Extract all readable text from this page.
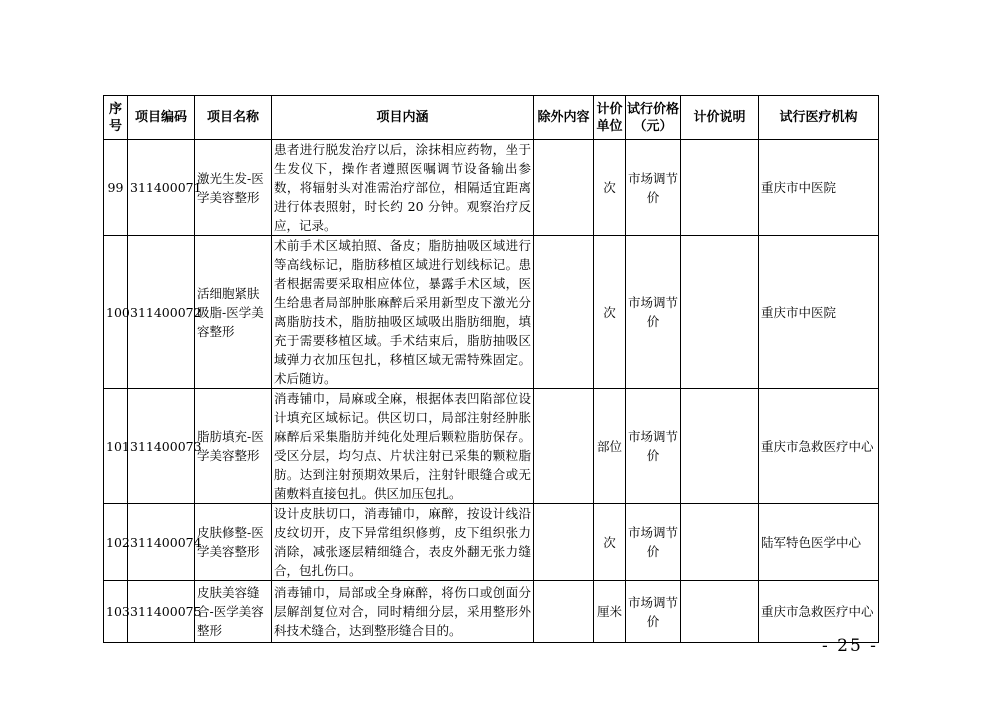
序号	项目编码	项目名称	项目内涵	除外内容	计价单位	试行价格（元）	计价说明	试行医疗机构
99	311400071	激光生发-医学美容整形	患者进行脱发治疗以后，涂抹相应药物，坐于生发仪下，操作者遵照医嘱调节设备输出参数，将辐射头对准需治疗部位，相隔适宜距离进行体表照射，时长约 20 分钟。观察治疗反应，记录。		次	市场调节价		重庆市中医院
100	311400072	活细胞紧肤吸脂-医学美容整形	术前手术区域拍照、备皮；脂肪抽吸区域进行等高线标记，脂肪移植区域进行划线标记。患者根据需要采取相应体位，暴露手术区域，医生给患者局部肿胀麻醉后采用新型皮下激光分离脂肪技术，脂肪抽吸区域吸出脂肪细胞，填充于需要移植区域。手术结束后，脂肪抽吸区域弹力衣加压包扎，移植区域无需特殊固定。术后随访。		次	市场调节价		重庆市中医院
101	311400073	脂肪填充-医学美容整形	消毒铺巾，局麻或全麻，根据体表凹陷部位设计填充区域标记。供区切口，局部注射经肿胀麻醉后采集脂肪并纯化处理后颗粒脂肪保存。受区分层，均匀点、片状注射已采集的颗粒脂肪。达到注射预期效果后，注射针眼缝合或无菌敷料直接包扎。供区加压包扎。		部位	市场调节价		重庆市急救医疗中心
102	311400074	皮肤修整-医学美容整形	设计皮肤切口，消毒铺巾，麻醉，按设计线沿皮纹切开，皮下异常组织修剪，皮下组织张力消除，减张逐层精细缝合，表皮外翻无张力缝合，包扎伤口。		次	市场调节价		陆军特色医学中心
103	311400075	皮肤美容缝合-医学美容整形	消毒铺巾，局部或全身麻醉，将伤口或创面分层解剖复位对合，同时精细分层，采用整形外科技术缝合，达到整形缝合目的。		厘米	市场调节价		重庆市急救医疗中心
- 25 -
